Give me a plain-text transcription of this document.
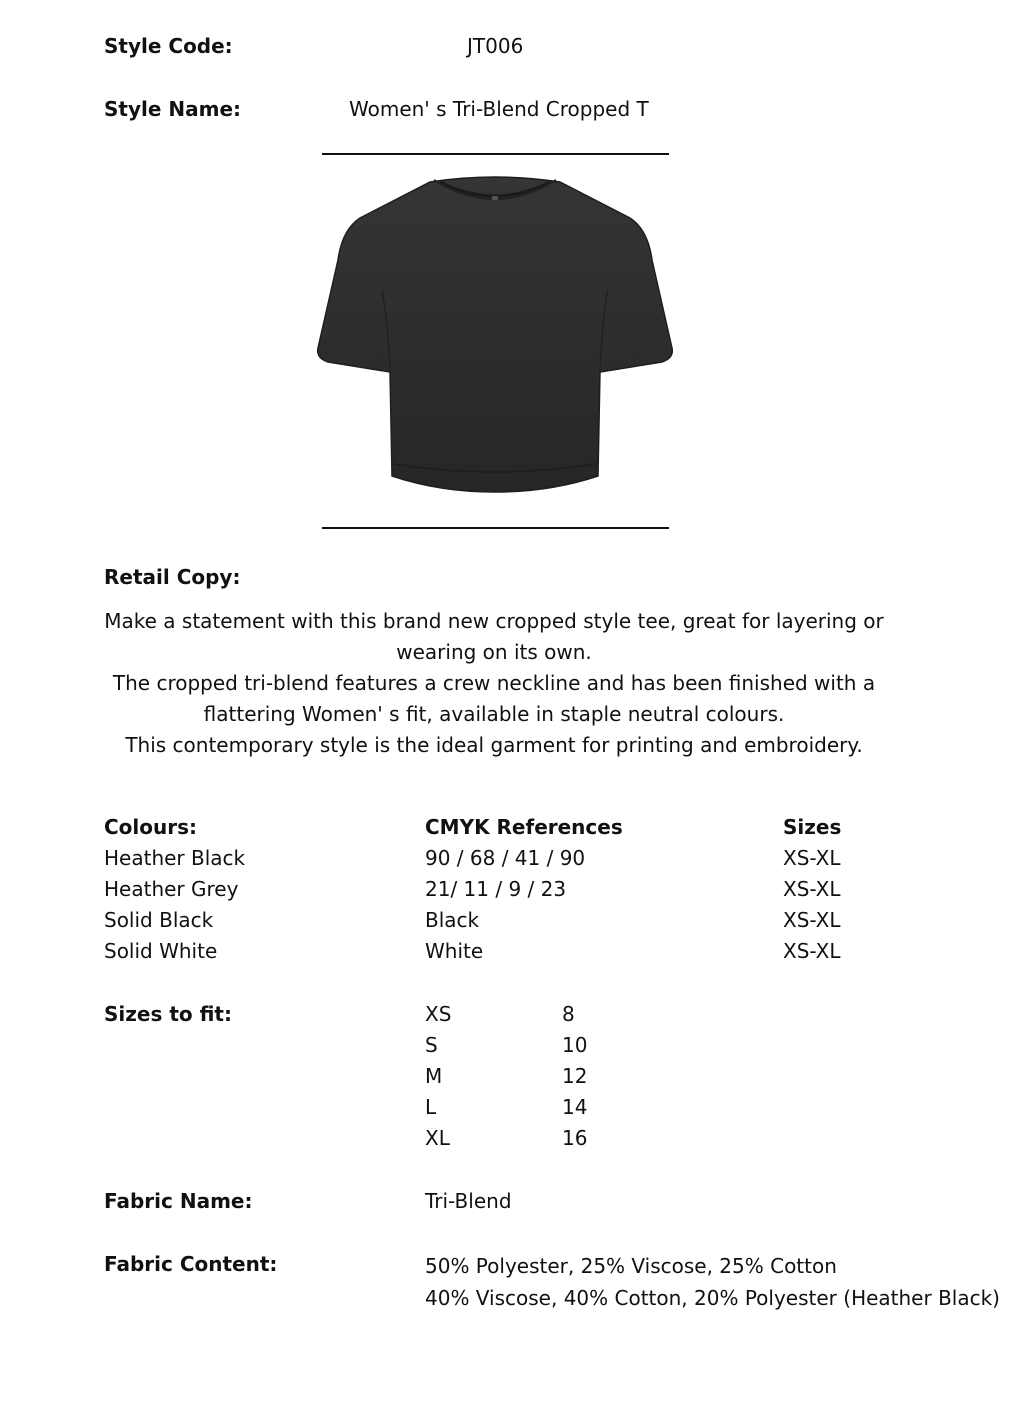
Style Code:	JT006
Style Name:	Women' s Tri-Blend Cropped T
Retail Copy:
Make a statement with this brand new cropped style tee, great for layering or
wearing on its own.
The cropped tri-blend features a crew neckline and has been finished with a
flattering Women' s fit, available in staple neutral colours.
This contemporary style is the ideal garment for printing and embroidery.
Colours:	CMYK References	Sizes
Heather Black	90 / 68 / 41 / 90	XS-XL
Heather Grey	21/ 11 / 9 / 23	XS-XL
Solid Black	Black	XS-XL
Solid White	White	XS-XL
Sizes to fit:	XS	8
S	10
M	12
L	14
XL	16
Fabric Name:	Tri-Blend
Fabric Content:	50% Polyester, 25% Viscose, 25% Cotton
40% Viscose, 40% Cotton, 20% Polyester (Heather Black)
